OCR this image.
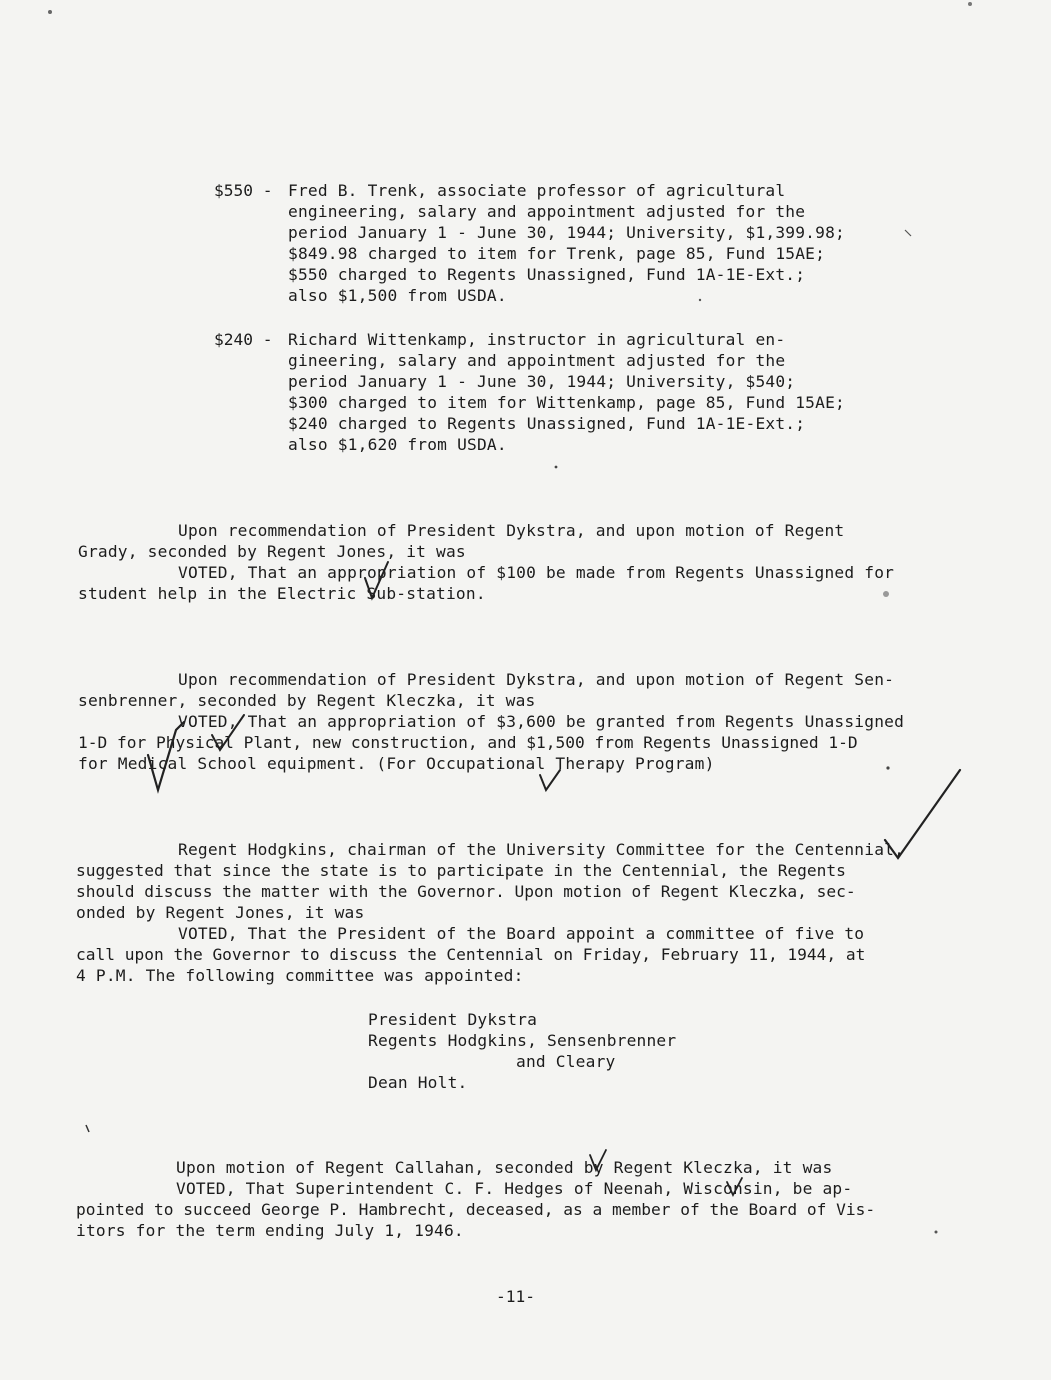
$550 - Fred B. Trenk, associate professor of agricultural
engineering, salary and appointment adjusted for the
period January 1 - June 30, 1944; University, $1,399.98;
$849.98 charged to item for Trenk, page 85, Fund 15AE;
$550 charged to Regents Unassigned, Fund 1A-1E-Ext.;
also $1,500 from USDA.
$240 - Richard Wittenkamp, instructor in agricultural en-
gineering, salary and appointment adjusted for the
period January 1 - June 30, 1944; University, $540;
$300 charged to item for Wittenkamp, page 85, Fund 15AE;
$240 charged to Regents Unassigned, Fund 1A-1E-Ext.;
also $1,620 from USDA.
Upon recommendation of President Dykstra, and upon motion of Regent
Grady, seconded by Regent Jones, it was
VOTED, That an appropriation of $100 be made from Regents Unassigned for
student help in the Electric Sub-station.
Upon recommendation of President Dykstra, and upon motion of Regent Sen-
senbrenner, seconded by Regent Kleczka, it was
VOTED, That an appropriation of $3,600 be granted from Regents Unassigned
1-D for Physical Plant, new construction, and $1,500 from Regents Unassigned 1-D
for Medical School equipment. (For Occupational Therapy Program)
Regent Hodgkins, chairman of the University Committee for the Centennial,
suggested that since the state is to participate in the Centennial, the Regents
should discuss the matter with the Governor. Upon motion of Regent Kleczka, sec-
onded by Regent Jones, it was
VOTED, That the President of the Board appoint a committee of five to
call upon the Governor to discuss the Centennial on Friday, February 11, 1944, at
4 P.M. The following committee was appointed:
President Dykstra
Regents Hodgkins, Sensenbrenner
and Cleary
Dean Holt.
Upon motion of Regent Callahan, seconded by Regent Kleczka, it was
VOTED, That Superintendent C. F. Hedges of Neenah, Wisconsin, be ap-
pointed to succeed George P. Hambrecht, deceased, as a member of the Board of Vis-
itors for the term ending July 1, 1946.
-11-
